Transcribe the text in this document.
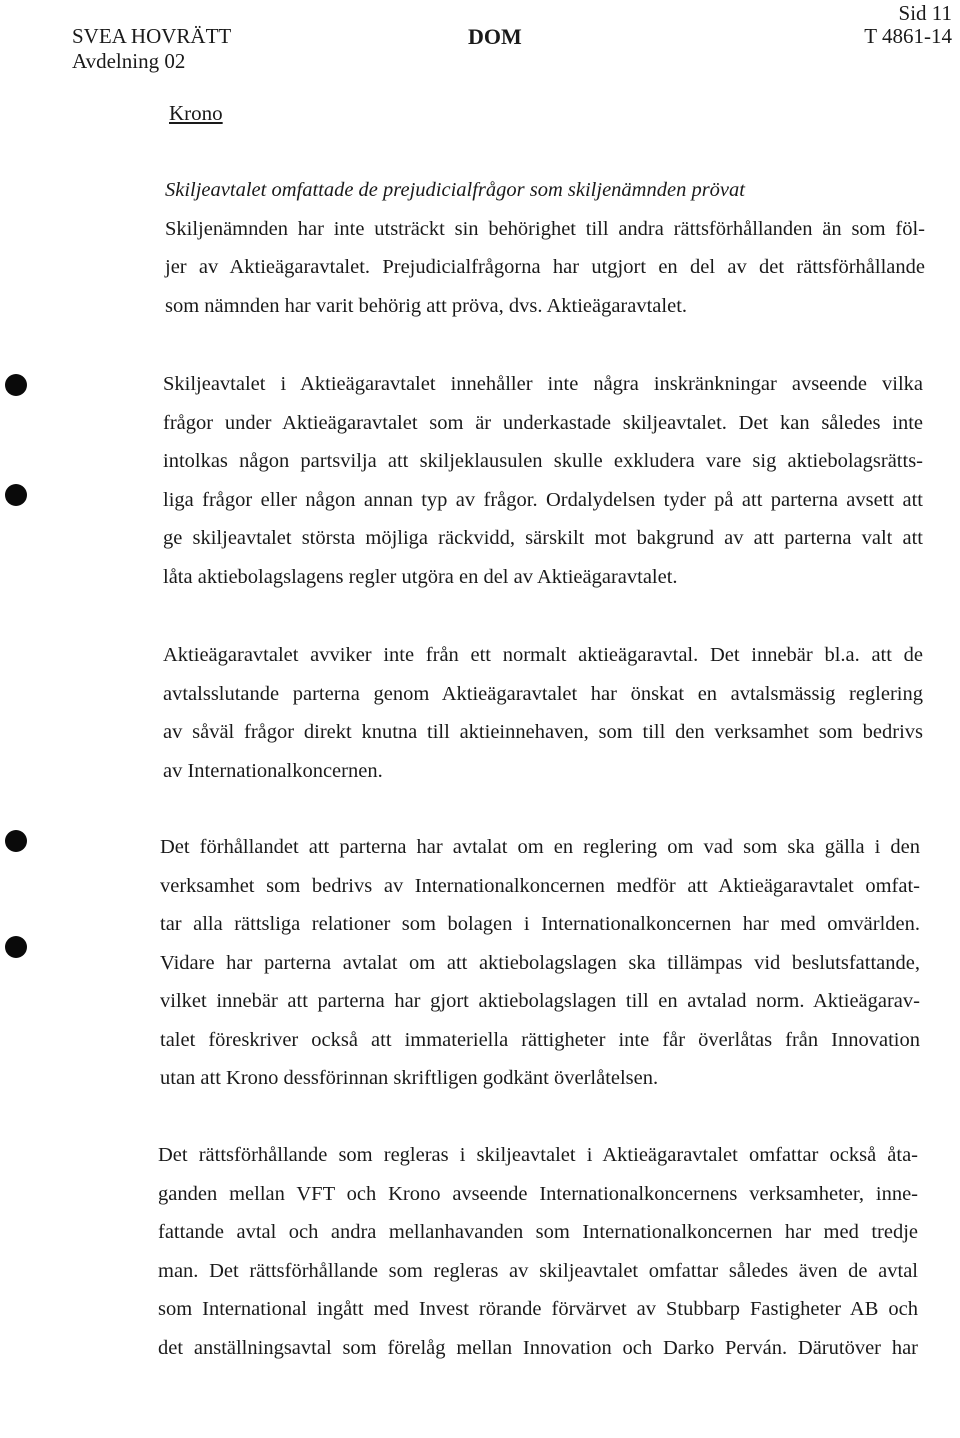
SVEA HOVRÄTT
Avdelning 02
DOM
Sid 11
T 4861-14
Krono
Skiljeavtalet omfattade de prejudicialfrågor som skiljenämnden prövat
Skiljenämnden har inte utsträckt sin behörighet till andra rättsförhållanden än som föl-
jer av Aktieägaravtalet. Prejudicialfrågorna har utgjort en del av det rättsförhållande
som nämnden har varit behörig att pröva, dvs. Aktieägaravtalet.
Skiljeavtalet i Aktieägaravtalet innehåller inte några inskränkningar avseende vilka
frågor under Aktieägaravtalet som är underkastade skiljeavtalet. Det kan således inte
intolkas någon partsvilja att skiljeklausulen skulle exkludera vare sig aktiebolagsrätts-
liga frågor eller någon annan typ av frågor. Ordalydelsen tyder på att parterna avsett att
ge skiljeavtalet största möjliga räckvidd, särskilt mot bakgrund av att parterna valt att
låta aktiebolagslagens regler utgöra en del av Aktieägaravtalet.
Aktieägaravtalet avviker inte från ett normalt aktieägaravtal. Det innebär bl.a. att de
avtalsslutande parterna genom Aktieägaravtalet har önskat en avtalsmässig reglering
av såväl frågor direkt knutna till aktieinnehaven, som till den verksamhet som bedrivs
av Internationalkoncernen.
Det förhållandet att parterna har avtalat om en reglering om vad som ska gälla i den
verksamhet som bedrivs av Internationalkoncernen medför att Aktieägaravtalet omfat-
tar alla rättsliga relationer som bolagen i Internationalkoncernen har med omvärlden.
Vidare har parterna avtalat om att aktiebolagslagen ska tillämpas vid beslutsfattande,
vilket innebär att parterna har gjort aktiebolagslagen till en avtalad norm. Aktieägarav-
talet föreskriver också att immateriella rättigheter inte får överlåtas från Innovation
utan att Krono dessförinnan skriftligen godkänt överlåtelsen.
Det rättsförhållande som regleras i skiljeavtalet i Aktieägaravtalet omfattar också åta-
ganden mellan VFT och Krono avseende Internationalkoncernens verksamheter, inne-
fattande avtal och andra mellanhavanden som Internationalkoncernen har med tredje
man. Det rättsförhållande som regleras av skiljeavtalet omfattar således även de avtal
som International ingått med Invest rörande förvärvet av Stubbarp Fastigheter AB och
det anställningsavtal som förelåg mellan Innovation och Darko Perván. Därutöver har
